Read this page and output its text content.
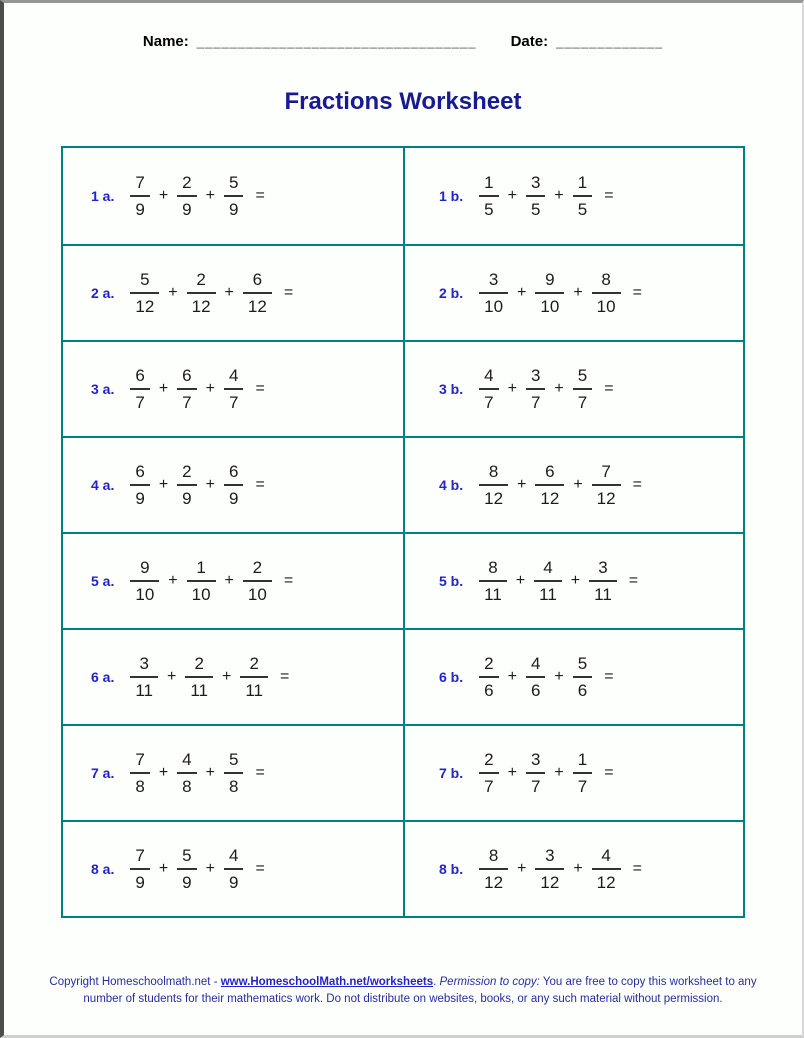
Name: __________________________________ Date: _____________
Fractions Worksheet
1 a. $\frac{7}{9} + \frac{2}{9} + \frac{5}{9}$ =	1 b. $\frac{1}{5} + \frac{3}{5} + \frac{1}{5}$ =
2 a. $\frac{5}{12} + \frac{2}{12} + \frac{6}{12}$ =	2 b. $\frac{3}{10} + \frac{9}{10} + \frac{8}{10}$ =
3 a. $\frac{6}{7} + \frac{6}{7} + \frac{4}{7}$ =	3 b. $\frac{4}{7} + \frac{3}{7} + \frac{5}{7}$ =
4 a. $\frac{6}{9} + \frac{2}{9} + \frac{6}{9}$ =	4 b. $\frac{8}{12} + \frac{6}{12} + \frac{7}{12}$ =
5 a. $\frac{9}{10} + \frac{1}{10} + \frac{2}{10}$ =	5 b. $\frac{8}{11} + \frac{4}{11} + \frac{3}{11}$ =
6 a. $\frac{3}{11} + \frac{2}{11} + \frac{2}{11}$ =	6 b. $\frac{2}{6} + \frac{4}{6} + \frac{5}{6}$ =
7 a. $\frac{7}{8} + \frac{4}{8} + \frac{5}{8}$ =	7 b. $\frac{2}{7} + \frac{3}{7} + \frac{1}{7}$ =
8 a. $\frac{7}{9} + \frac{5}{9} + \frac{4}{9}$ =	8 b. $\frac{8}{12} + \frac{3}{12} + \frac{4}{12}$ =
Copyright Homeschoolmath.net - www.HomeschoolMath.net/worksheets. Permission to copy: You are free to copy this worksheet to any
number of students for their mathematics work. Do not distribute on websites, books, or any such material without permission.
